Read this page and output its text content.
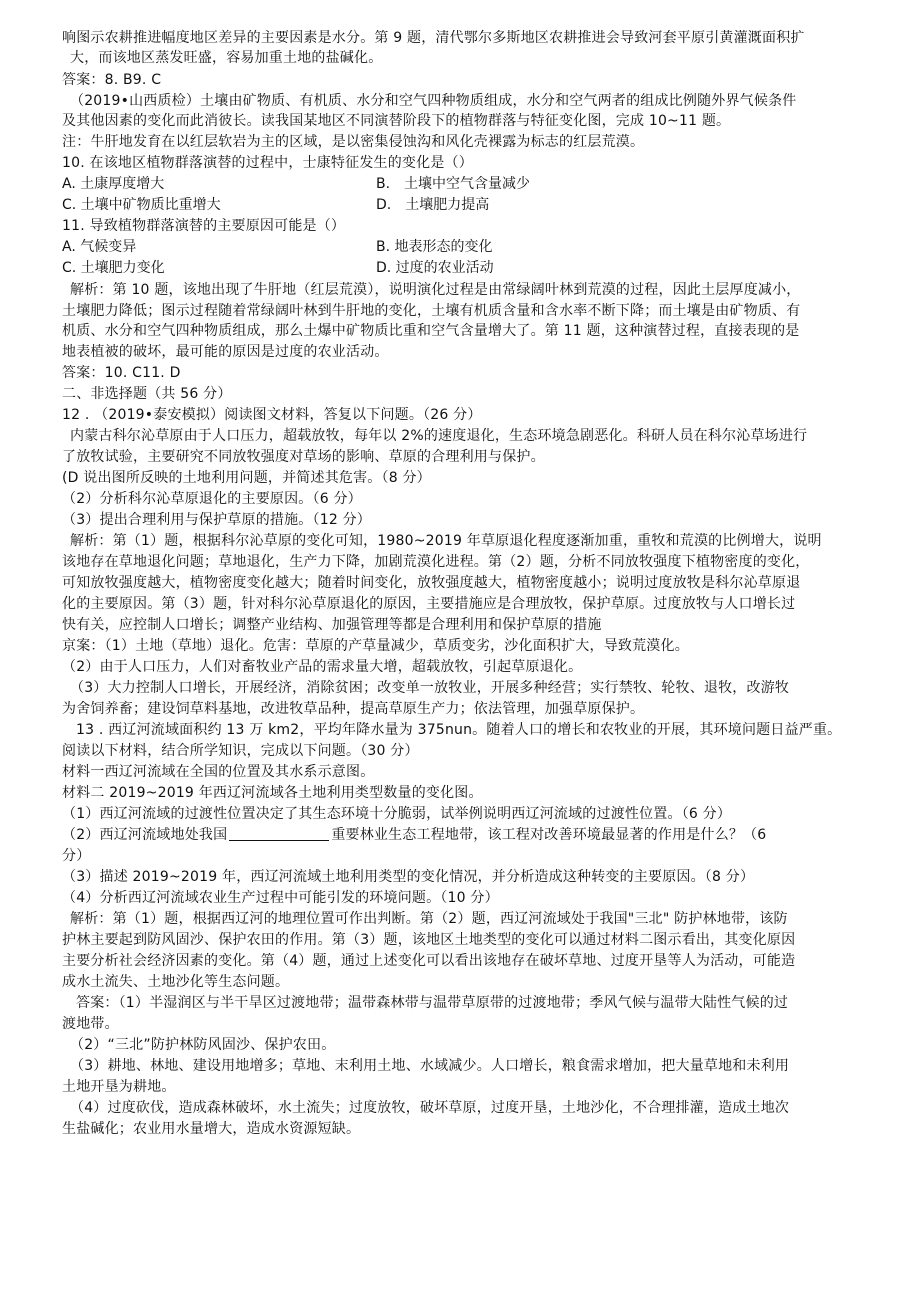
响图示农耕推进幅度地区差异的主要因素是水分。第 9 题，清代鄂尔多斯地区农耕推进会导致河套平原引黄灌溉面积扩
大，而该地区蒸发旺盛，容易加重土地的盐碱化。
答案：8. B9. C
（2019•山西质检）土壤由矿物质、有机质、水分和空气四种物质组成，水分和空气两者的组成比例随外界气候条件
及其他因素的变化而此消彼长。读我国某地区不同演替阶段下的植物群落与特征变化图，完成 10~11 题。
注：牛肝地发育在以红层软岩为主的区域，是以密集侵蚀沟和风化壳裸露为标志的红层荒漠。
10. 在该地区植物群落演替的过程中，士康特征发生的变化是（）
A. 土康厚度增大	B.　土壤中空气含量减少
C. 土壤中矿物质比重增大	D.　土壤肥力提高
11. 导致植物群落演替的主要原因可能是（）
A. 气候变异	B. 地表形态的变化
C. 土壤肥力变化	D. 过度的农业活动
解析：第 10 题，该地出现了牛肝地（红层荒漠），说明演化过程是由常绿阔叶林到荒漠的过程，因此土层厚度减小，
土壤肥力降低；图示过程随着常绿阔叶林到牛肝地的变化，土壤有机质含量和含水率不断下降；而土壤是由矿物质、有
机质、水分和空气四种物质组成，那么土爆中矿物质比重和空气含量增大了。第 11 题，这种演替过程，直接表现的是
地表植被的破坏，最可能的原因是过度的农业活动。
答案：10. C11. D
二、非选择题（共 56 分）
12 . （2019•泰安模拟）阅读图文材料，答复以下问题。（26 分）
内蒙古科尔沁草原由于人口压力，超载放牧，每年以 2%的速度退化，生态环境急剧恶化。科研人员在科尔沁草场进行
了放牧试验，主要研究不同放牧强度对草场的影响、草原的合理利用与保护。
(D 说出图所反映的土地利用问题，并简述其危害。（8 分）
（2）分析科尔沁草原退化的主要原因。（6 分）
（3）提出合理利用与保护草原的措施。（12 分）
解析：第（1）题，根据科尔沁草原的变化可知，1980~2019 年草原退化程度逐渐加重，重牧和荒漠的比例增大，说明
该地存在草地退化问题；草地退化，生产力下降，加剧荒漠化进程。第（2）题，分析不同放牧强度下植物密度的变化，
可知放牧强度越大，植物密度变化越大；随着时间变化，放牧强度越大，植物密度越小；说明过度放牧是科尔沁草原退
化的主要原因。第（3）题，针对科尔沁草原退化的原因，主要措施应是合理放牧，保护草原。过度放牧与人口增长过
快有关，应控制人口增长；调整产业结构、加强管理等都是合理利用和保护草原的措施
京案：（1）土地（草地）退化。危害：草原的产草量减少，草质变劣，沙化面积扩大，导致荒漠化。
（2）由于人口压力，人们对畜牧业产品的需求量大增，超载放牧，引起草原退化。
（3）大力控制人口增长，开展经济，消除贫困；改变单一放牧业，开展多种经营；实行禁牧、轮牧、退牧，改游牧
为舍饲养畜；建设饲草料基地，改进牧草品种，提高草原生产力；依法管理，加强草原保护。
13 . 西辽河流域面积约 13 万 km2，平均年降水量为 375nun。随着人口的增长和农牧业的开展，其环境问题日益严重。
阅读以下材料，结合所学知识，完成以下问题。（30 分）
材料一西辽河流域在全国的位置及其水系示意图。
材料二 2019~2019 年西辽河流域各土地利用类型数量的变化图。
（1）西辽河流域的过渡性位置决定了其生态环境十分脆弱，试举例说明西辽河流域的过渡性位置。（6 分）
（2）西辽河流域地处我国	重要林业生态工程地带，该工程对改善环境最显著的作用是什么？（6
分）
（3）描述 2019~2019 年，西辽河流域土地利用类型的变化情况，并分析造成这种转变的主要原因。（8 分）
（4）分析西辽河流域农业生产过程中可能引发的环境问题。（10 分）
解析：第（1）题，根据西辽河的地理位置可作出判断。第（2）题，西辽河流域处于我国"三北" 防护林地带，该防
护林主要起到防风固沙、保护农田的作用。第（3）题，该地区土地类型的变化可以通过材料二图示看出，其变化原因
主要分析社会经济因素的变化。第（4）题，通过上述变化可以看出该地存在破坏草地、过度开垦等人为活动，可能造
成水土流失、土地沙化等生态问题。
答案：（1）半湿润区与半干旱区过渡地带；温带森林带与温带草原带的过渡地带；季风气候与温带大陆性气候的过
渡地带。
（2）“三北”防护林防风固沙、保护农田。
（3）耕地、林地、建设用地增多；草地、末利用土地、水域减少。人口增长，粮食需求增加，把大量草地和未利用
土地开垦为耕地。
（4）过度砍伐，造成森林破坏，水土流失；过度放牧，破坏草原，过度开垦，土地沙化，不合理排灌，造成土地次
生盐碱化；农业用水量增大，造成水资源短缺。
